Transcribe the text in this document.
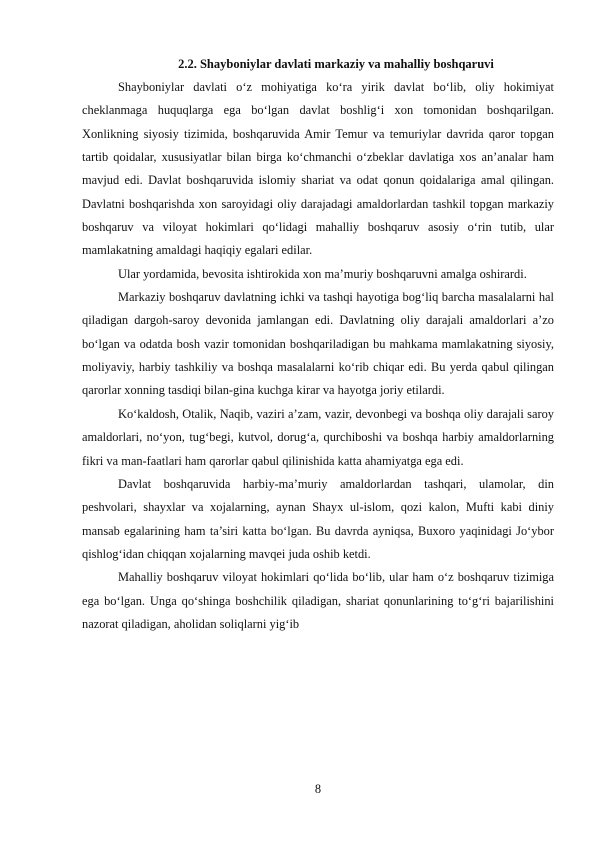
2.2. Shayboniylar davlati markaziy va mahalliy boshqaruvi

Shayboniylar davlati o‘z mohiyatiga ko‘ra yirik davlat bo‘lib, oliy hokimiyat cheklanmaga huquqlarga ega bo‘lgan davlat boshlig‘i xon tomonidan boshqarilgan. Xonlikning siyosiy tizimida, boshqaruvida Amir Temur va temuriylar davrida qaror topgan tartib qoidalar, xususiyatlar bilan birga ko‘chmanchi o‘zbeklar davlatiga xos an’analar ham mavjud edi. Davlat boshqaruvida islomiy shariat va odat qonun qoidalariga amal qilingan. Davlatni boshqarishda xon saroyidagi oliy darajadagi amaldorlardan tashkil topgan markaziy boshqaruv va viloyat hokimlari qo‘lidagi mahalliy boshqaruv asosiy o‘rin tutib, ular mamlakatning amaldagi haqiqiy egalari edilar.

Ular yordamida, bevosita ishtirokida xon ma’muriy boshqaruvni amalga oshirardi.

Markaziy boshqaruv davlatning ichki va tashqi hayotiga bog‘liq barcha masalalarni hal qiladigan dargoh-saroy devonida jamlangan edi. Davlatning oliy darajali amaldorlari a’zo bo‘lgan va odatda bosh vazir tomonidan boshqariladigan bu mahkama mamlakatning siyosiy, moliyaviy, harbiy tashkiliy va boshqa masalalarni ko‘rib chiqar edi. Bu yerda qabul qilingan qarorlar xonning tasdiqi bilan-gina kuchga kirar va hayotga joriy etilardi.

Ko‘kaldosh, Otalik, Naqib, vaziri a’zam, vazir, devonbegi va boshqa oliy darajali saroy amaldorlari, no‘yon, tug‘begi, kutvol, dorug‘a, qurchiboshi va boshqa harbiy amaldorlarning fikri va man-faatlari ham qarorlar qabul qilinishida katta ahamiyatga ega edi.

Davlat boshqaruvida harbiy-ma’muriy amaldorlardan tashqari, ulamolar, din peshvolari, shayxlar va xojalarning, aynan Shayx ul-islom, qozi kalon, Mufti kabi diniy mansab egalarining ham ta’siri katta bo‘lgan. Bu davrda ayniqsa, Buxoro yaqinidagi Jo‘ybor qishlog‘idan chiqqan xojalarning mavqei juda oshib ketdi.

Mahalliy boshqaruv viloyat hokimlari qo‘lida bo‘lib, ular ham o‘z boshqaruv tizimiga ega bo‘lgan. Unga qo‘shinga boshchilik qiladigan, shariat qonunlarining to‘g‘ri bajarilishini nazorat qiladigan, aholidan soliqlarni yig‘ib

8
